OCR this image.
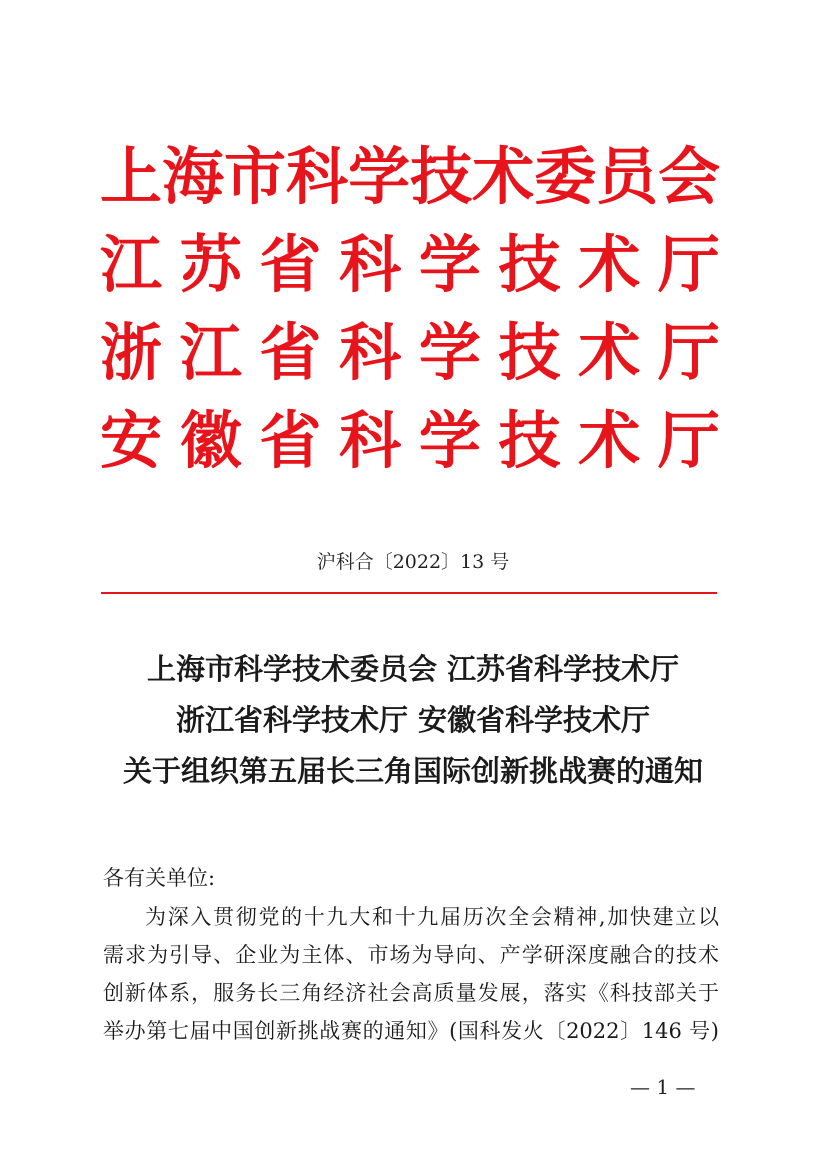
上 海 市 科 学 技 术 委 员 会
江 苏 省 科 学 技 术 厅
浙 江 省 科 学 技 术 厅
安 徽 省 科 学 技 术 厅
沪科合〔2022〕13 号
上海市科学技术委员会 江苏省科学技术厅
浙江省科学技术厅 安徽省科学技术厅
关于组织第五届长三角国际创新挑战赛的通知
各有关单位:
为深入贯彻党的十九大和十九届历次全会精神,加快建立以
需求为引导、企业为主体、市场为导向、产学研深度融合的技术
创新体系，服务长三角经济社会高质量发展，落实《科技部关于
举办第七届中国创新挑战赛的通知》(国科发火〔2022〕146 号)
— 1 —
